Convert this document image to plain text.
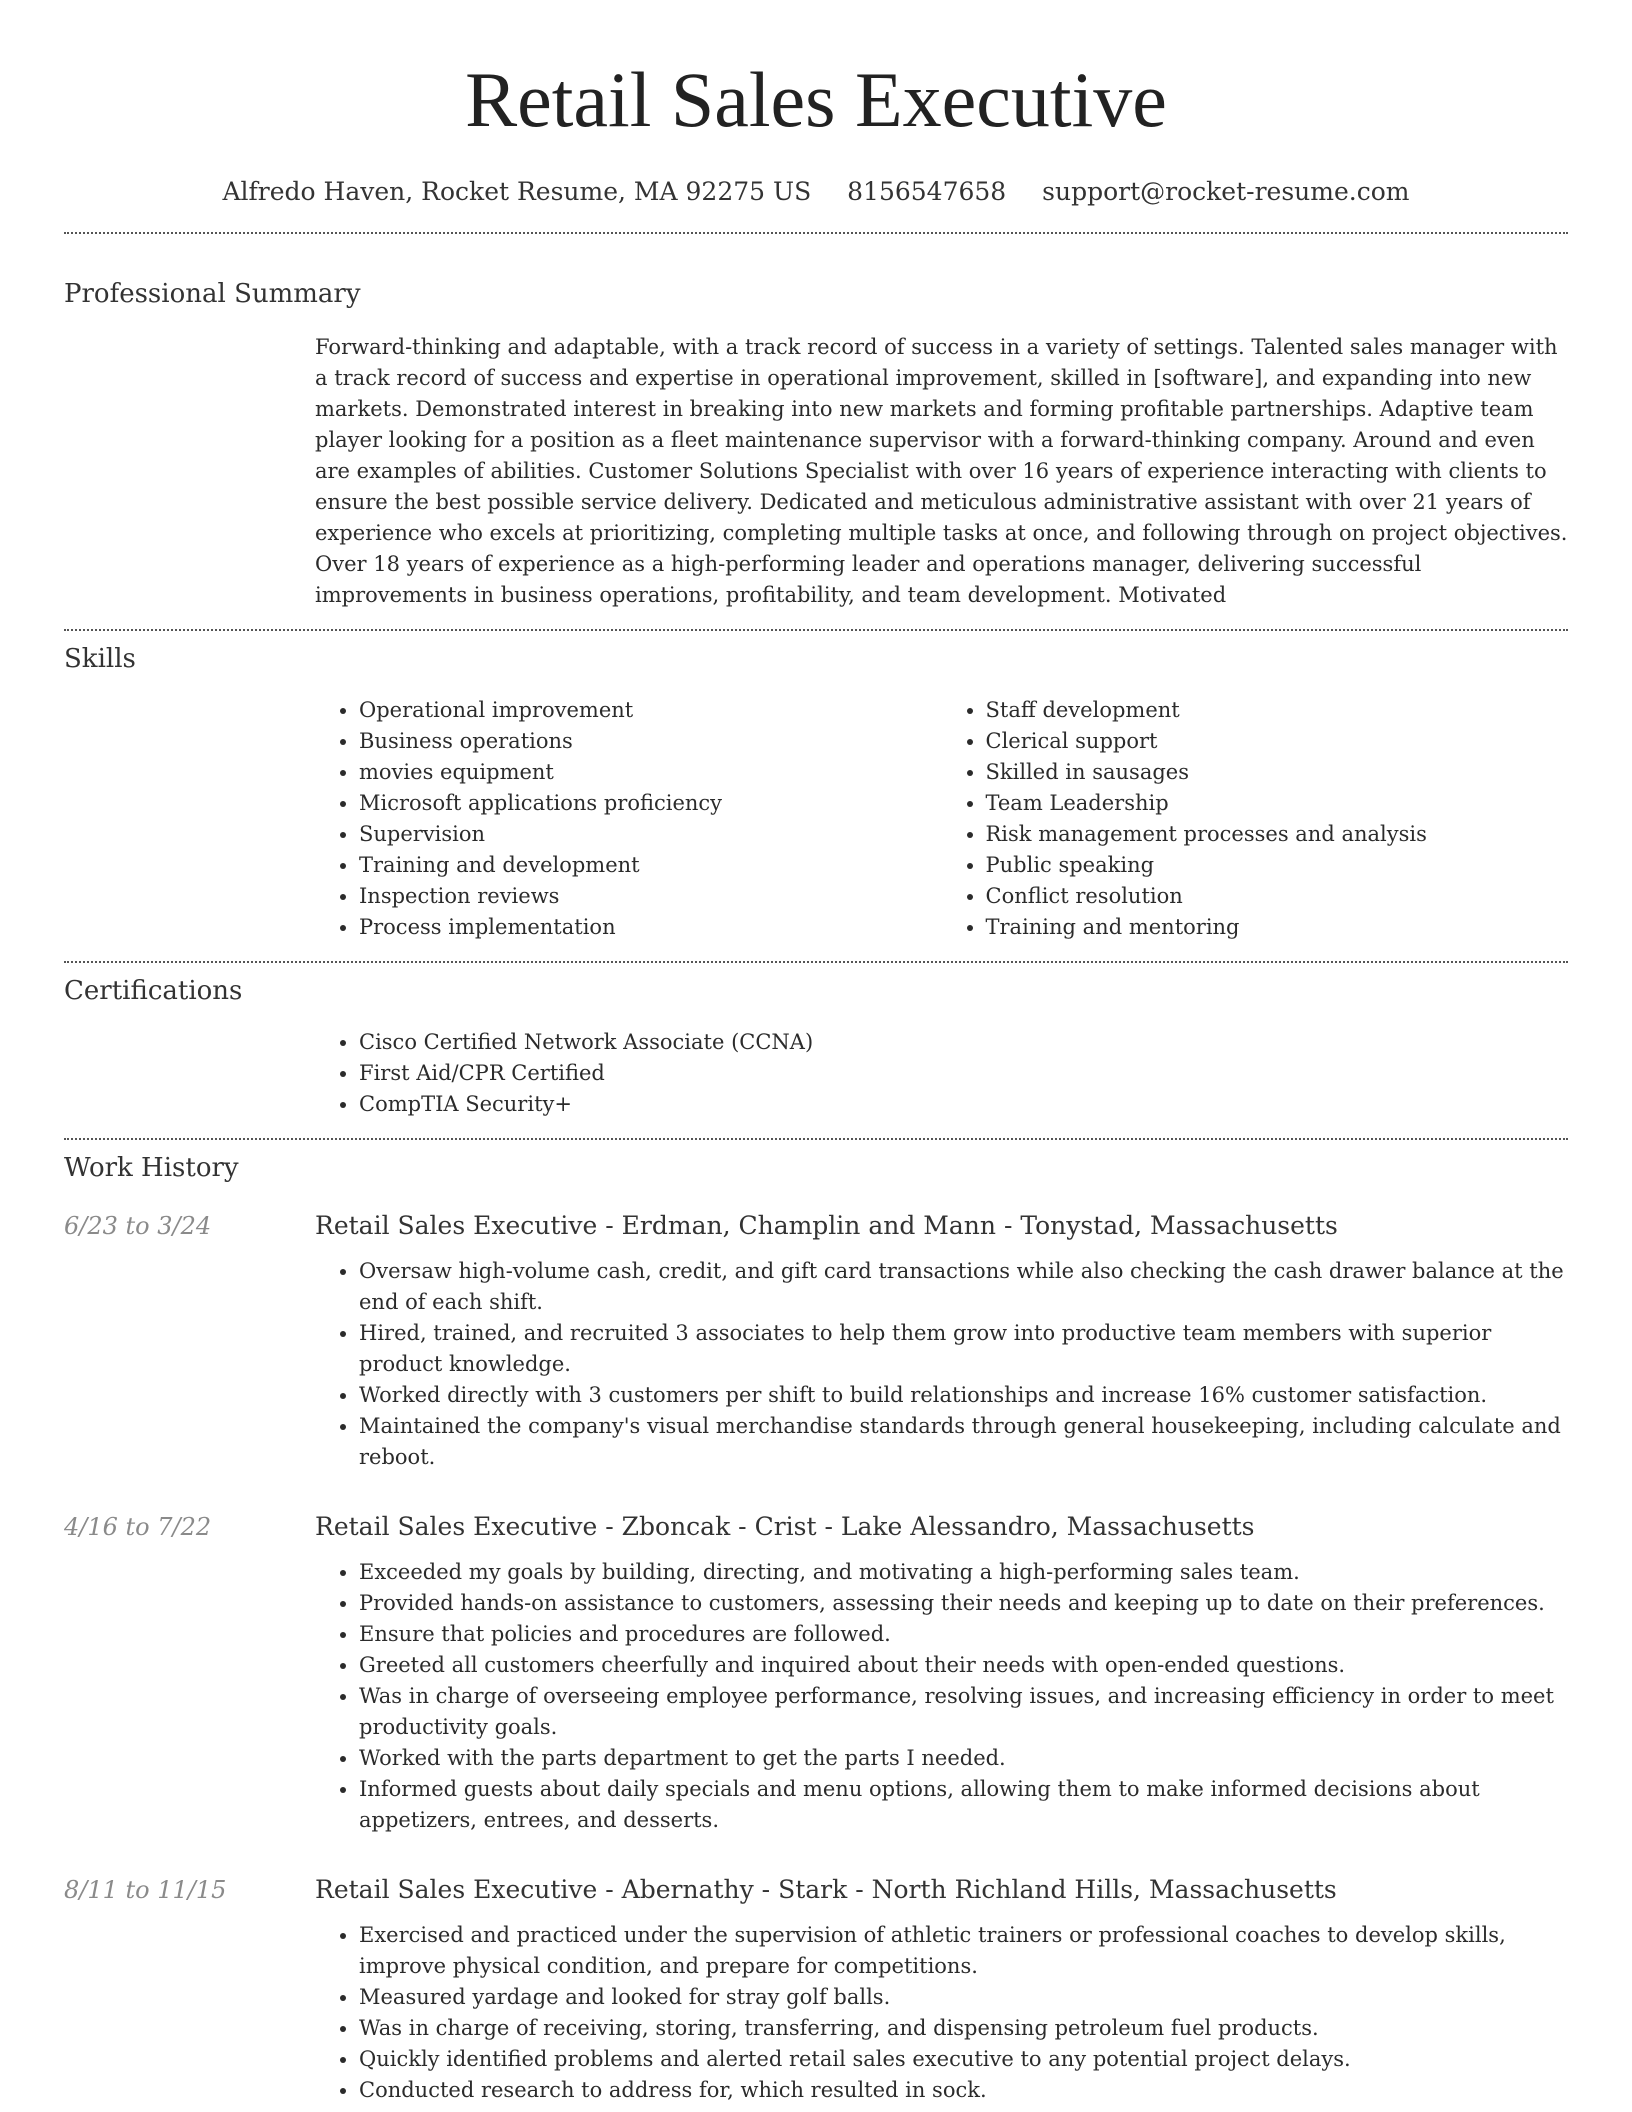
Retail Sales Executive
Alfredo Haven, Rocket Resume, MA 92275 US 8156547658 support@rocket-resume.com
Professional Summary
Forward-thinking and adaptable, with a track record of success in a variety of settings. Talented sales manager with a track record of success and expertise in operational improvement, skilled in [software], and expanding into new markets. Demonstrated interest in breaking into new markets and forming profitable partnerships. Adaptive team player looking for a position as a fleet maintenance supervisor with a forward-thinking company. Around and even are examples of abilities. Customer Solutions Specialist with over 16 years of experience interacting with clients to ensure the best possible service delivery. Dedicated and meticulous administrative assistant with over 21 years of experience who excels at prioritizing, completing multiple tasks at once, and following through on project objectives. Over 18 years of experience as a high-performing leader and operations manager, delivering successful improvements in business operations, profitability, and team development. Motivated
Skills
• Operational improvement
• Business operations
• movies equipment
• Microsoft applications proficiency
• Supervision
• Training and development
• Inspection reviews
• Process implementation
• Staff development
• Clerical support
• Skilled in sausages
• Team Leadership
• Risk management processes and analysis
• Public speaking
• Conflict resolution
• Training and mentoring
Certifications
• Cisco Certified Network Associate (CCNA)
• First Aid/CPR Certified
• CompTIA Security+
Work History
6/23 to 3/24	Retail Sales Executive - Erdman, Champlin and Mann - Tonystad, Massachusetts
• Oversaw high-volume cash, credit, and gift card transactions while also checking the cash drawer balance at the end of each shift.
• Hired, trained, and recruited 3 associates to help them grow into productive team members with superior product knowledge.
• Worked directly with 3 customers per shift to build relationships and increase 16% customer satisfaction.
• Maintained the company's visual merchandise standards through general housekeeping, including calculate and reboot.
4/16 to 7/22	Retail Sales Executive - Zboncak - Crist - Lake Alessandro, Massachusetts
• Exceeded my goals by building, directing, and motivating a high-performing sales team.
• Provided hands-on assistance to customers, assessing their needs and keeping up to date on their preferences.
• Ensure that policies and procedures are followed.
• Greeted all customers cheerfully and inquired about their needs with open-ended questions.
• Was in charge of overseeing employee performance, resolving issues, and increasing efficiency in order to meet productivity goals.
• Worked with the parts department to get the parts I needed.
• Informed guests about daily specials and menu options, allowing them to make informed decisions about appetizers, entrees, and desserts.
8/11 to 11/15	Retail Sales Executive - Abernathy - Stark - North Richland Hills, Massachusetts
• Exercised and practiced under the supervision of athletic trainers or professional coaches to develop skills, improve physical condition, and prepare for competitions.
• Measured yardage and looked for stray golf balls.
• Was in charge of receiving, storing, transferring, and dispensing petroleum fuel products.
• Quickly identified problems and alerted retail sales executive to any potential project delays.
• Conducted research to address for, which resulted in sock.
